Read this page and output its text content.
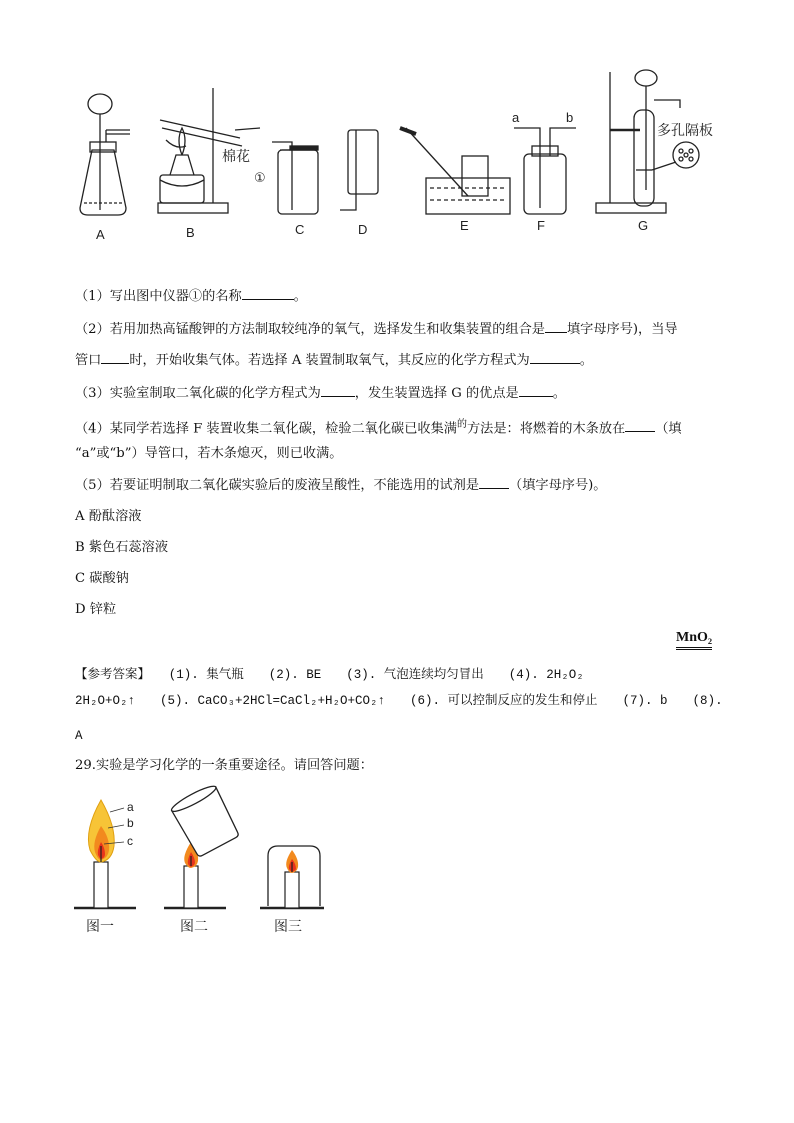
A	B	C	D	E	F	G
棉花
①
a	b
多孔隔板
（1）写出图中仪器①的名称	。
（2）若用加热高锰酸钾的方法制取较纯净的氧气，选择发生和收集装置的组合是 填字母序号)，当导
管口 时，开始收集气体。若选择 A 装置制取氧气，其反应的化学方程式为	。
（3）实验室制取二氧化碳的化学方程式为	，发生装置选择 G 的优点是	。
（4）某同学若选择 F 装置收集二氧化碳，检验二氧化碳已收集满$^的$方法是：将燃着的木条放在 （填
“a”或“b”）导管口，若木条熄灭，则已收满。
（5）若要证明制取二氧化碳实验后的废液呈酸性，不能选用的试剂是 （填字母序号)。
A 酚酞溶液
B 紫色石蕊溶液
C 碳酸钠
D 锌粒
MnO₂
【参考答案】　　(1). 集气瓶　　(2). BE　　(3). 气泡连续均匀冒出　　(4). 2H₂O₂
2H₂O+O₂↑　　(5). CaCO₃+2HCl=CaCl₂+H₂O+CO₂↑　　(6). 可以控制反应的发生和停止　　(7). b　　(8).
A
29.实验是学习化学的一条重要途径。请回答问题：
a
b
c
图一	图二	图三
